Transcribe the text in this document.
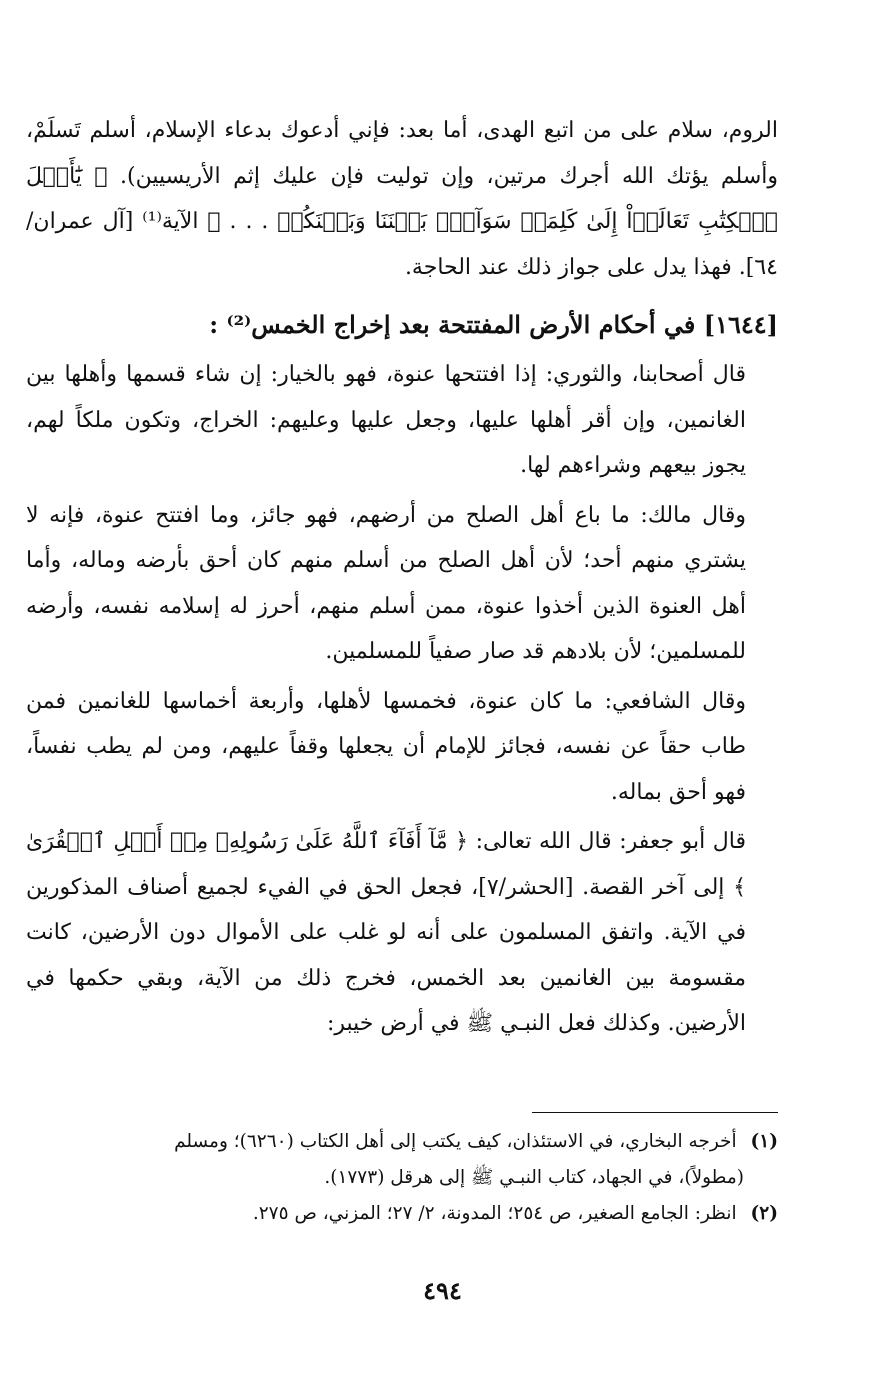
الروم، سلام على من اتبع الهدى، أما بعد: فإني أدعوك بدعاء الإسلام، أسلم تَسلَمْ، وأسلم يؤتك الله أجرك مرتين، وإن توليت فإن عليك إثم الأريسيين). ﴿ يَٰٓأَهۡلَ ٱلۡكِتَٰبِ تَعَالَوۡاْ إِلَىٰ كَلِمَةٖ سَوَآءِۭ بَيۡنَنَا وَبَيۡنَكُمۡ . . . ﴾ الآية⁽¹⁾ [آل عمران/ ٦٤]. فهذا يدل على جواز ذلك عند الحاجة.

[١٦٤٤] في أحكام الأرض المفتتحة بعد إخراج الخمس⁽²⁾ :

قال أصحابنا، والثوري: إذا افتتحها عنوة، فهو بالخيار: إن شاء قسمها وأهلها بين الغانمين، وإن أقر أهلها عليها، وجعل عليها وعليهم: الخراج، وتكون ملكاً لهم، يجوز بيعهم وشراءهم لها.

وقال مالك: ما باع أهل الصلح من أرضهم، فهو جائز، وما افتتح عنوة، فإنه لا يشتري منهم أحد؛ لأن أهل الصلح من أسلم منهم كان أحق بأرضه وماله، وأما أهل العنوة الذين أخذوا عنوة، ممن أسلم منهم، أحرز له إسلامه نفسه، وأرضه للمسلمين؛ لأن بلادهم قد صار صفياً للمسلمين.

وقال الشافعي: ما كان عنوة، فخمسها لأهلها، وأربعة أخماسها للغانمين فمن طاب حقاً عن نفسه، فجائز للإمام أن يجعلها وقفاً عليهم، ومن لم يطب نفساً، فهو أحق بماله.

قال أبو جعفر: قال الله تعالى: ﴿ مَّآ أَفَآءَ ٱللَّهُ عَلَىٰ رَسُولِهِۦ مِنۡ أَهۡلِ ٱلۡقُرَىٰ ﴾ إلى آخر القصة. [الحشر/٧]، فجعل الحق في الفيء لجميع أصناف المذكورين في الآية. واتفق المسلمون على أنه لو غلب على الأموال دون الأرضين، كانت مقسومة بين الغانمين بعد الخمس، فخرج ذلك من الآية، وبقي حكمها في الأرضين. وكذلك فعل النبـي ﷺ في أرض خيبر:

(١) أخرجه البخاري، في الاستئذان، كيف يكتب إلى أهل الكتاب (٦٢٦٠)؛ ومسلم

(مطولاً)، في الجهاد، كتاب النبـي ﷺ إلى هرقل (١٧٧٣).

(٢) انظر: الجامع الصغير، ص ٢٥٤؛ المدونة، ٢/ ٢٧؛ المزني، ص ٢٧٥.

٤٩٤
